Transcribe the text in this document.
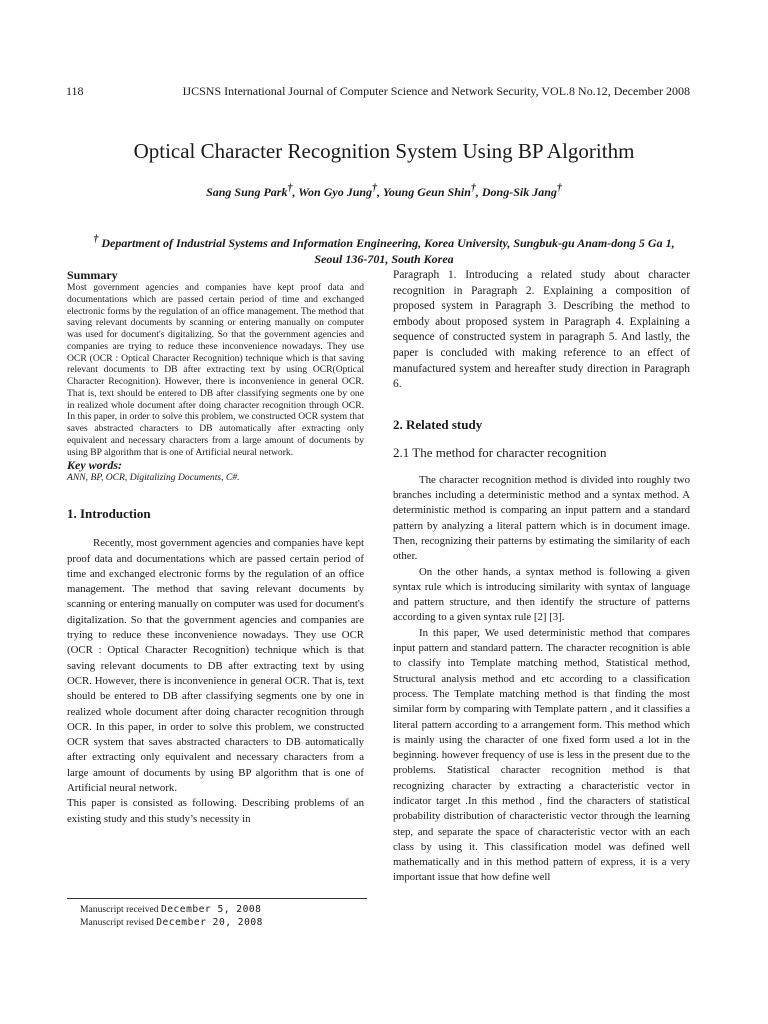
118	IJCSNS International Journal of Computer Science and Network Security, VOL.8 No.12, December 2008
Optical Character Recognition System Using BP Algorithm
Sang Sung Park†, Won Gyo Jung†, Young Geun Shin†, Dong-Sik Jang†
† Department of Industrial Systems and Information Engineering, Korea University, Sungbuk-gu Anam-dong 5 Ga 1,
Seoul 136-701, South Korea
Summary

Most government agencies and companies have kept proof data and documentations which are passed certain period of time and exchanged electronic forms by the regulation of an office management. The method that saving relevant documents by scanning or entering manually on computer was used for document's digitalizing. So that the government agencies and companies are trying to reduce these inconvenience nowadays. They use OCR (OCR : Optical Character Recognition) technique which is that saving relevant documents to DB after extracting text by using OCR(Optical Character Recognition). However, there is inconvenience in general OCR. That is, text should be entered to DB after classifying segments one by one in realized whole document after doing character recognition through OCR. In this paper, in order to solve this problem, we constructed OCR system that saves abstracted characters to DB automatically after extracting only equivalent and necessary characters from a large amount of documents by using BP algorithm that is one of Artificial neural network.

Key words:
ANN, BP, OCR, Digitalizing Documents, C#.
1. Introduction

Recently, most government agencies and companies have kept proof data and documentations which are passed certain period of time and exchanged electronic forms by the regulation of an office management. The method that saving relevant documents by scanning or entering manually on computer was used for document's digitalization. So that the government agencies and companies are trying to reduce these inconvenience nowadays. They use OCR (OCR : Optical Character Recognition) technique which is that saving relevant documents to DB after extracting text by using OCR. However, there is inconvenience in general OCR. That is, text should be entered to DB after classifying segments one by one in realized whole document after doing character recognition through OCR. In this paper, in order to solve this problem, we constructed OCR system that saves abstracted characters to DB automatically after extracting only equivalent and necessary characters from a large amount of documents by using BP algorithm that is one of Artificial neural network.

This paper is consisted as following. Describing problems of an existing study and this study’s necessity in

Paragraph 1. Introducing a related study about character recognition in Paragraph 2. Explaining a composition of proposed system in Paragraph 3. Describing the method to embody about proposed system in Paragraph 4. Explaining a sequence of constructed system in paragraph 5. And lastly, the paper is concluded with making reference to an effect of manufactured system and hereafter study direction in Paragraph 6.

2. Related study
2.1 The method for character recognition

The character recognition method is divided into roughly two branches including a deterministic method and a syntax method. A deterministic method is comparing an input pattern and a standard pattern by analyzing a literal pattern which is in document image. Then, recognizing their patterns by estimating the similarity of each other.

On the other hands, a syntax method is following a given syntax rule which is introducing similarity with syntax of language and pattern structure, and then identify the structure of patterns according to a given syntax rule [2] [3].

In this paper, We used deterministic method that compares input pattern and standard pattern. The character recognition is able to classify into Template matching method, Statistical method, Structural analysis method and etc according to a classification process. The Template matching method is that finding the most similar form by comparing with Template pattern , and it classifies a literal pattern according to a arrangement form. This method which is mainly using the character of one fixed form used a lot in the beginning. however frequency of use is less in the present due to the problems. Statistical character recognition method is that recognizing character by extracting a characteristic vector in indicator target .In this method , find the characters of statistical probability distribution of characteristic vector through the learning step, and separate the space of characteristic vector with an each class by using it. This classification model was defined well mathematically and in this method pattern of express, it is a very important issue that how define well

Manuscript received December 5, 2008
Manuscript revised December 20, 2008
